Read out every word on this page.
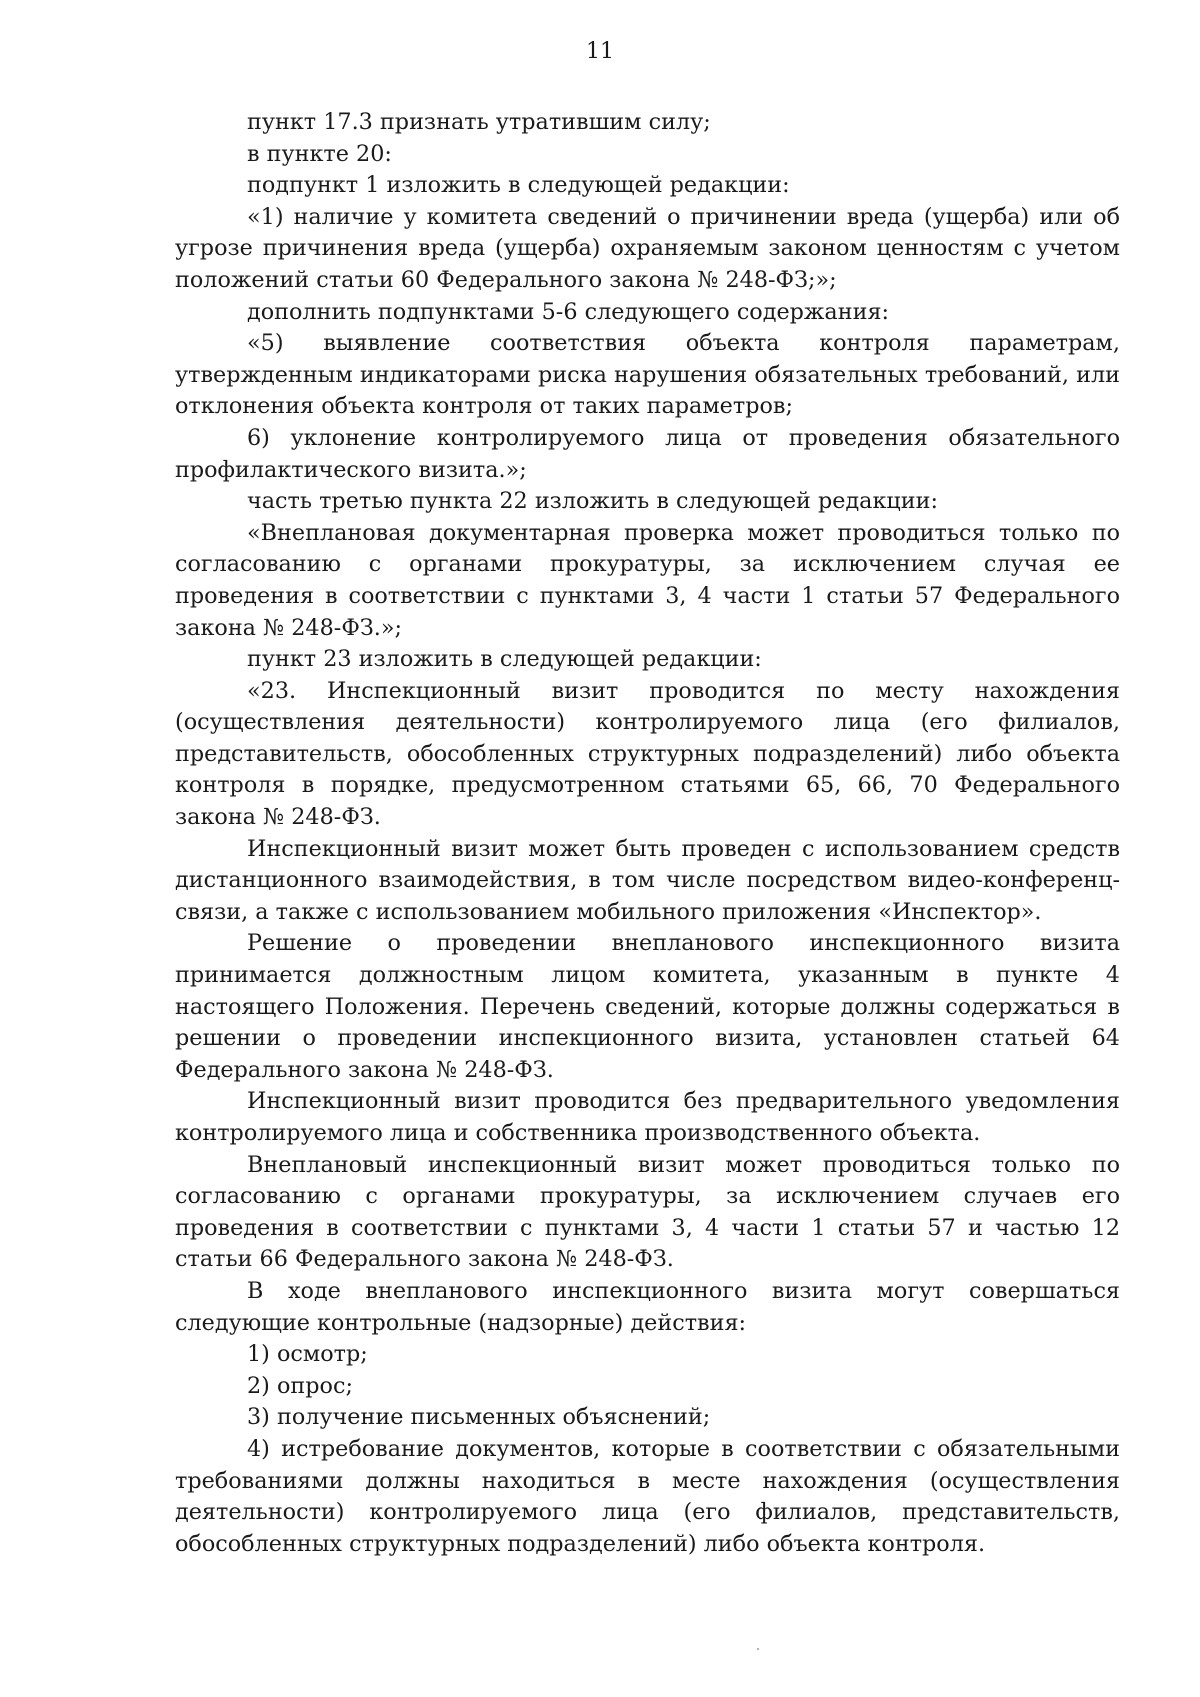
11

пункт 17.3 признать утратившим силу;

в пункте 20:

подпункт 1 изложить в следующей редакции:

«1) наличие у комитета сведений о причинении вреда (ущерба) или об угрозе причинения вреда (ущерба) охраняемым законом ценностям с учетом положений статьи 60 Федерального закона № 248-ФЗ;»;

дополнить подпунктами 5-6 следующего содержания:

«5) выявление соответствия объекта контроля параметрам, утвержденным индикаторами риска нарушения обязательных требований, или отклонения объекта контроля от таких параметров;

6) уклонение контролируемого лица от проведения обязательного профилактического визита.»;

часть третью пункта 22 изложить в следующей редакции:

«Внеплановая документарная проверка может проводиться только по согласованию с органами прокуратуры, за исключением случая ее проведения в соответствии с пунктами 3, 4 части 1 статьи 57 Федерального закона № 248-ФЗ.»;

пункт 23 изложить в следующей редакции:

«23. Инспекционный визит проводится по месту нахождения (осуществления деятельности) контролируемого лица (его филиалов, представительств, обособленных структурных подразделений) либо объекта контроля в порядке, предусмотренном статьями 65, 66, 70 Федерального закона № 248-ФЗ.

Инспекционный визит может быть проведен с использованием средств дистанционного взаимодействия, в том числе посредством видео-конференц-связи, а также с использованием мобильного приложения «Инспектор».

Решение о проведении внепланового инспекционного визита принимается должностным лицом комитета, указанным в пункте 4 настоящего Положения. Перечень сведений, которые должны содержаться в решении о проведении инспекционного визита, установлен статьей 64 Федерального закона № 248-ФЗ.

Инспекционный визит проводится без предварительного уведомления контролируемого лица и собственника производственного объекта.

Внеплановый инспекционный визит может проводиться только по согласованию с органами прокуратуры, за исключением случаев его проведения в соответствии с пунктами 3, 4 части 1 статьи 57 и частью 12 статьи 66 Федерального закона № 248-ФЗ.

В ходе внепланового инспекционного визита могут совершаться следующие контрольные (надзорные) действия:

1) осмотр;

2) опрос;

3) получение письменных объяснений;

4) истребование документов, которые в соответствии с обязательными требованиями должны находиться в месте нахождения (осуществления деятельности) контролируемого лица (его филиалов, представительств, обособленных структурных подразделений) либо объекта контроля.
